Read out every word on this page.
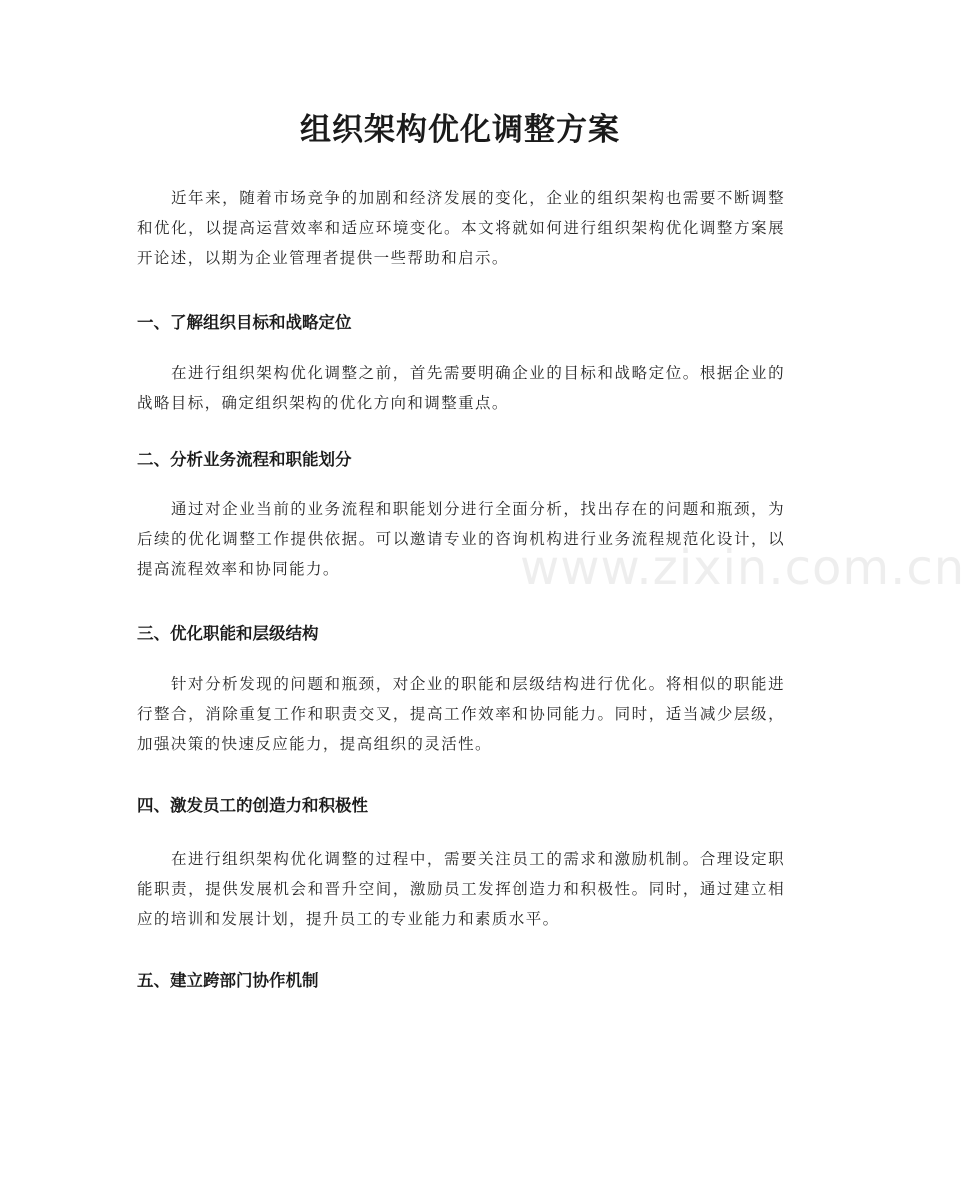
组织架构优化调整方案

近年来，随着市场竞争的加剧和经济发展的变化，企业的组织架构也需要不断调整和优化，以提高运营效率和适应环境变化。本文将就如何进行组织架构优化调整方案展开论述，以期为企业管理者提供一些帮助和启示。

一、了解组织目标和战略定位

在进行组织架构优化调整之前，首先需要明确企业的目标和战略定位。根据企业的战略目标，确定组织架构的优化方向和调整重点。

二、分析业务流程和职能划分

通过对企业当前的业务流程和职能划分进行全面分析，找出存在的问题和瓶颈，为后续的优化调整工作提供依据。可以邀请专业的咨询机构进行业务流程规范化设计，以提高流程效率和协同能力。

三、优化职能和层级结构

针对分析发现的问题和瓶颈，对企业的职能和层级结构进行优化。将相似的职能进行整合，消除重复工作和职责交叉，提高工作效率和协同能力。同时，适当减少层级，加强决策的快速反应能力，提高组织的灵活性。

四、激发员工的创造力和积极性

在进行组织架构优化调整的过程中，需要关注员工的需求和激励机制。合理设定职能职责，提供发展机会和晋升空间，激励员工发挥创造力和积极性。同时，通过建立相应的培训和发展计划，提升员工的专业能力和素质水平。

五、建立跨部门协作机制

www.zixin.com.cn
